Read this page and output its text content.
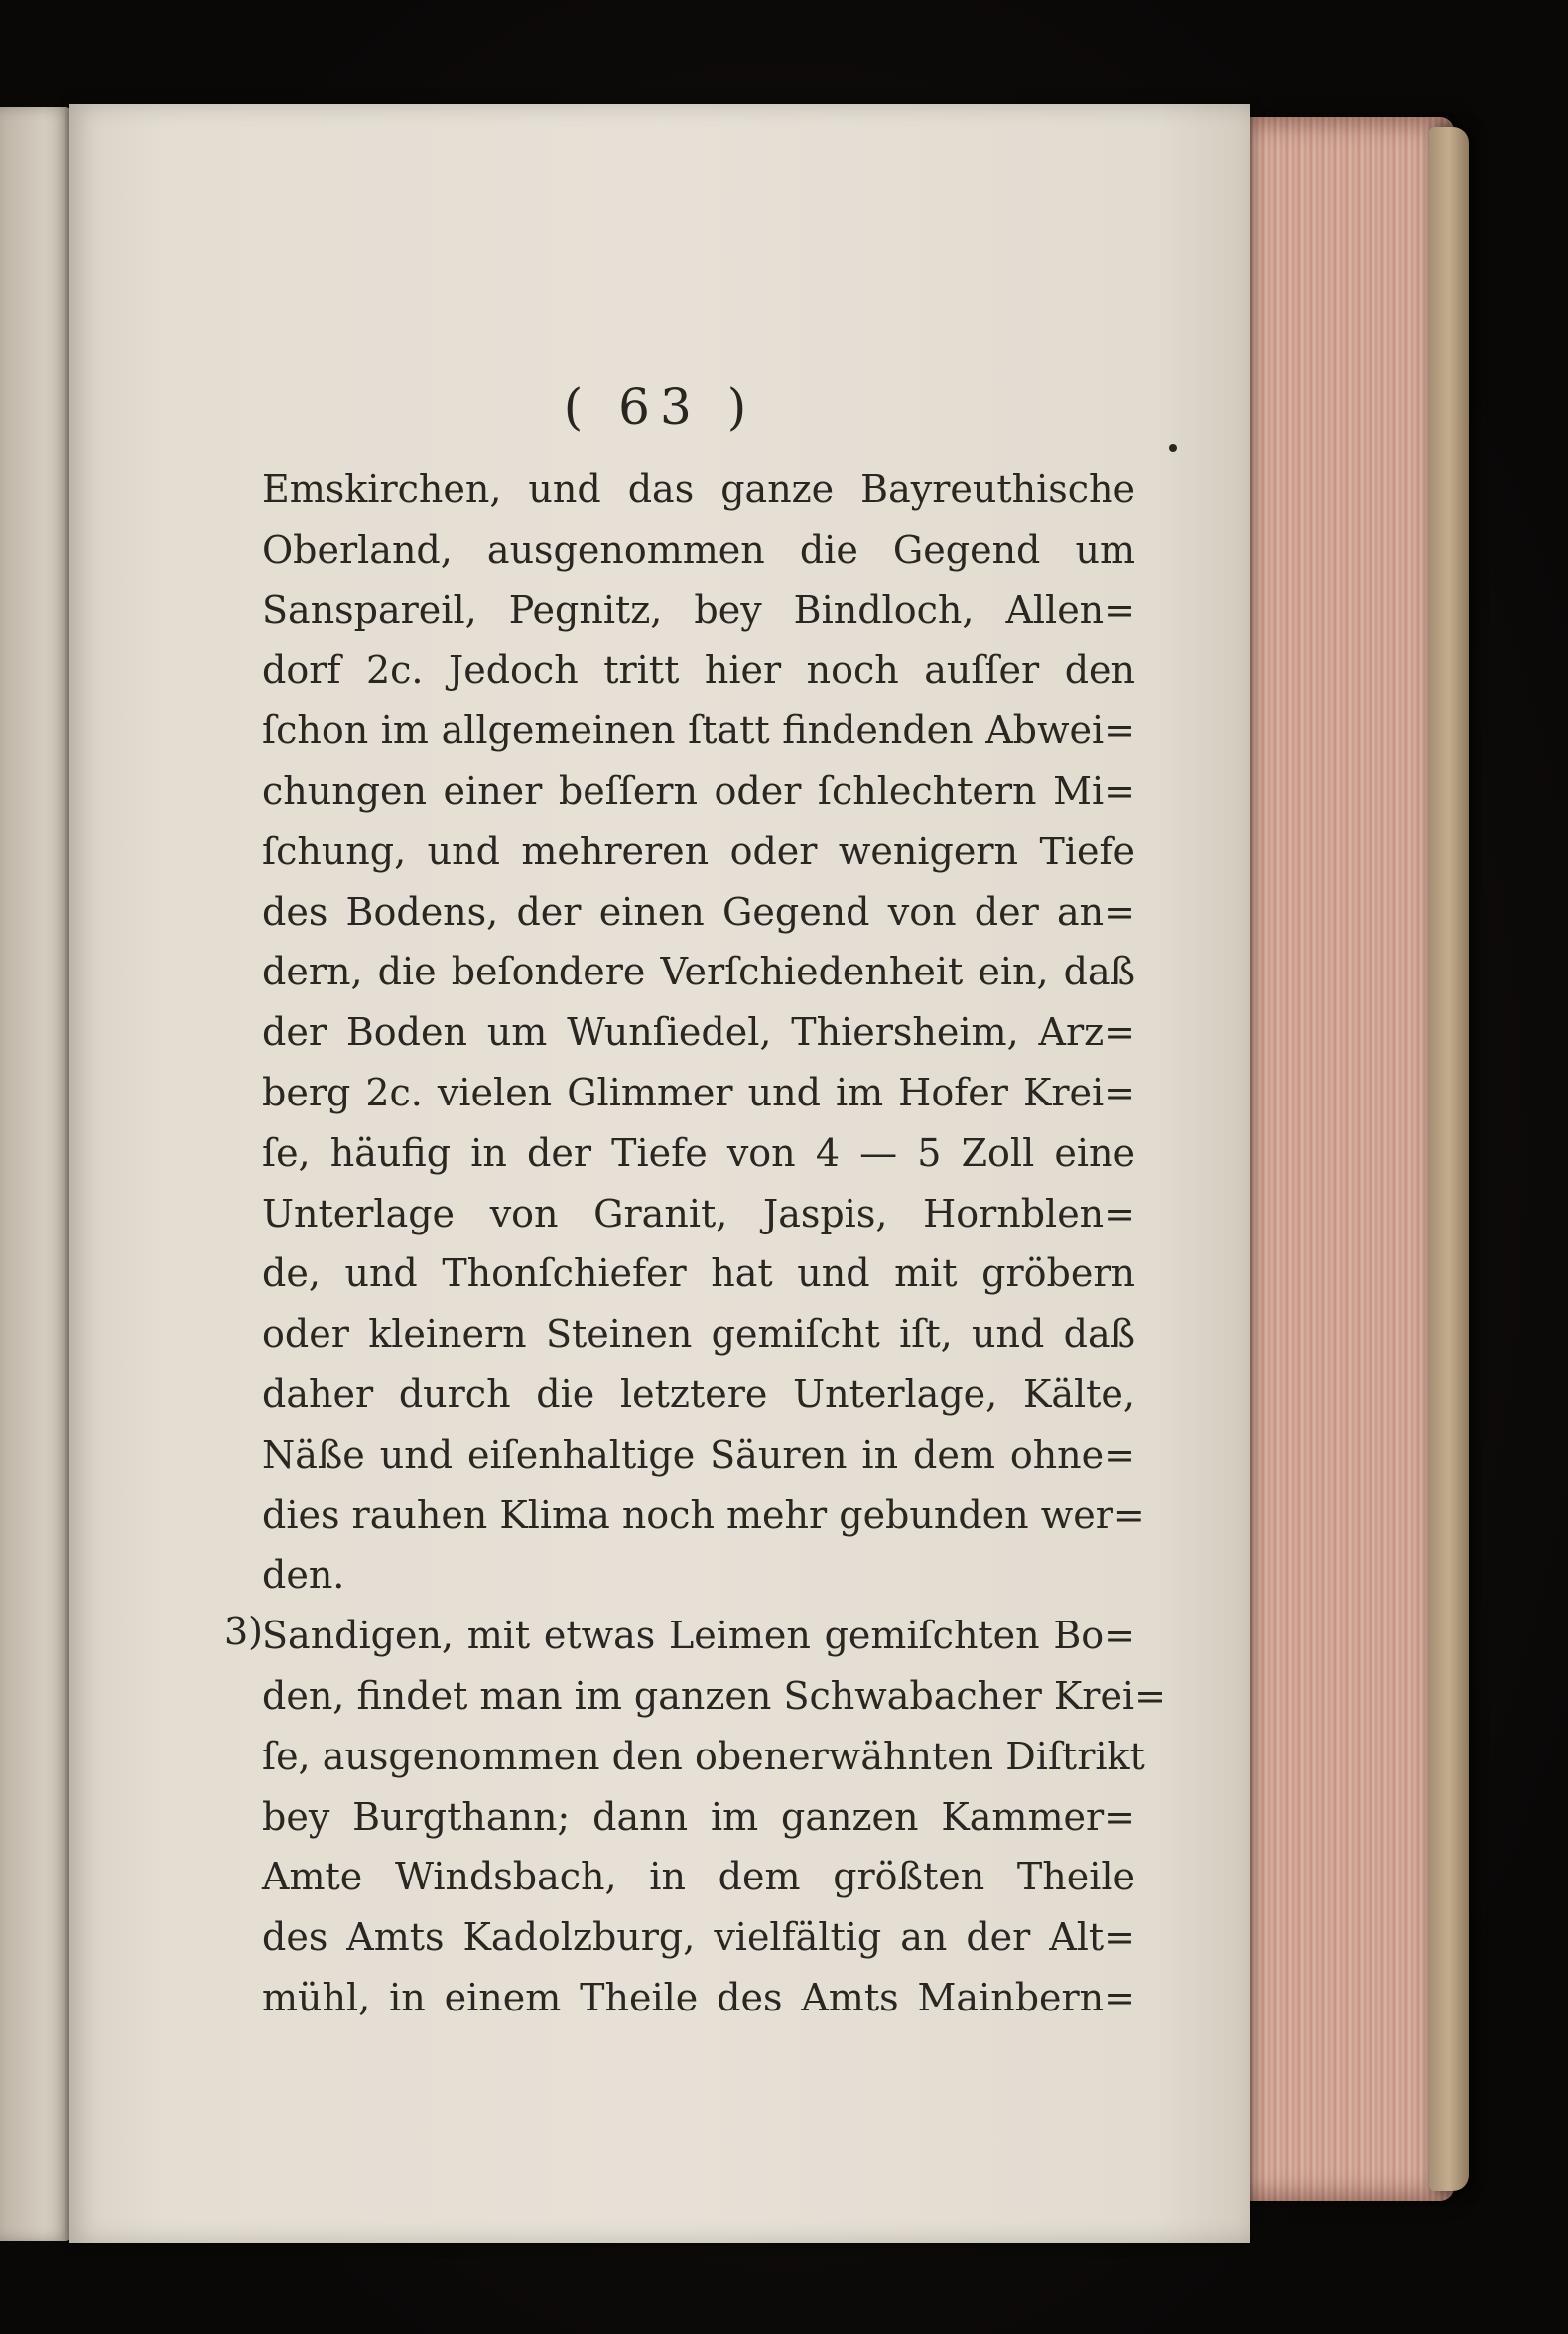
( 63 )
Emskirchen, und das ganze Bayreuthische
Oberland, ausgenommen die Gegend um
Sanspareil, Pegnitz, bey Bindloch, Allen=
dorf 2c. Jedoch tritt hier noch auſſer den
ſchon im allgemeinen ſtatt findenden Abwei=
chungen einer beſſern oder ſchlechtern Mi=
ſchung, und mehreren oder wenigern Tiefe
des Bodens, der einen Gegend von der an=
dern, die beſondere Verſchiedenheit ein, daß
der Boden um Wunſiedel, Thiersheim, Arz=
berg 2c. vielen Glimmer und im Hofer Krei=
ſe, häufig in der Tiefe von 4 — 5 Zoll eine
Unterlage von Granit, Jaspis, Hornblen=
de, und Thonſchiefer hat und mit gröbern
oder kleinern Steinen gemiſcht iſt, und daß
daher durch die letztere Unterlage, Kälte,
Näße und eiſenhaltige Säuren in dem ohne=
dies rauhen Klima noch mehr gebunden wer=
den.
Sandigen, mit etwas Leimen gemiſchten Bo=
den, findet man im ganzen Schwabacher Krei=
ſe, ausgenommen den obenerwähnten Diſtrikt
bey Burgthann; dann im ganzen Kammer=
Amte Windsbach, in dem größten Theile
des Amts Kadolzburg, vielfältig an der Alt=
mühl, in einem Theile des Amts Mainbern=
3)
